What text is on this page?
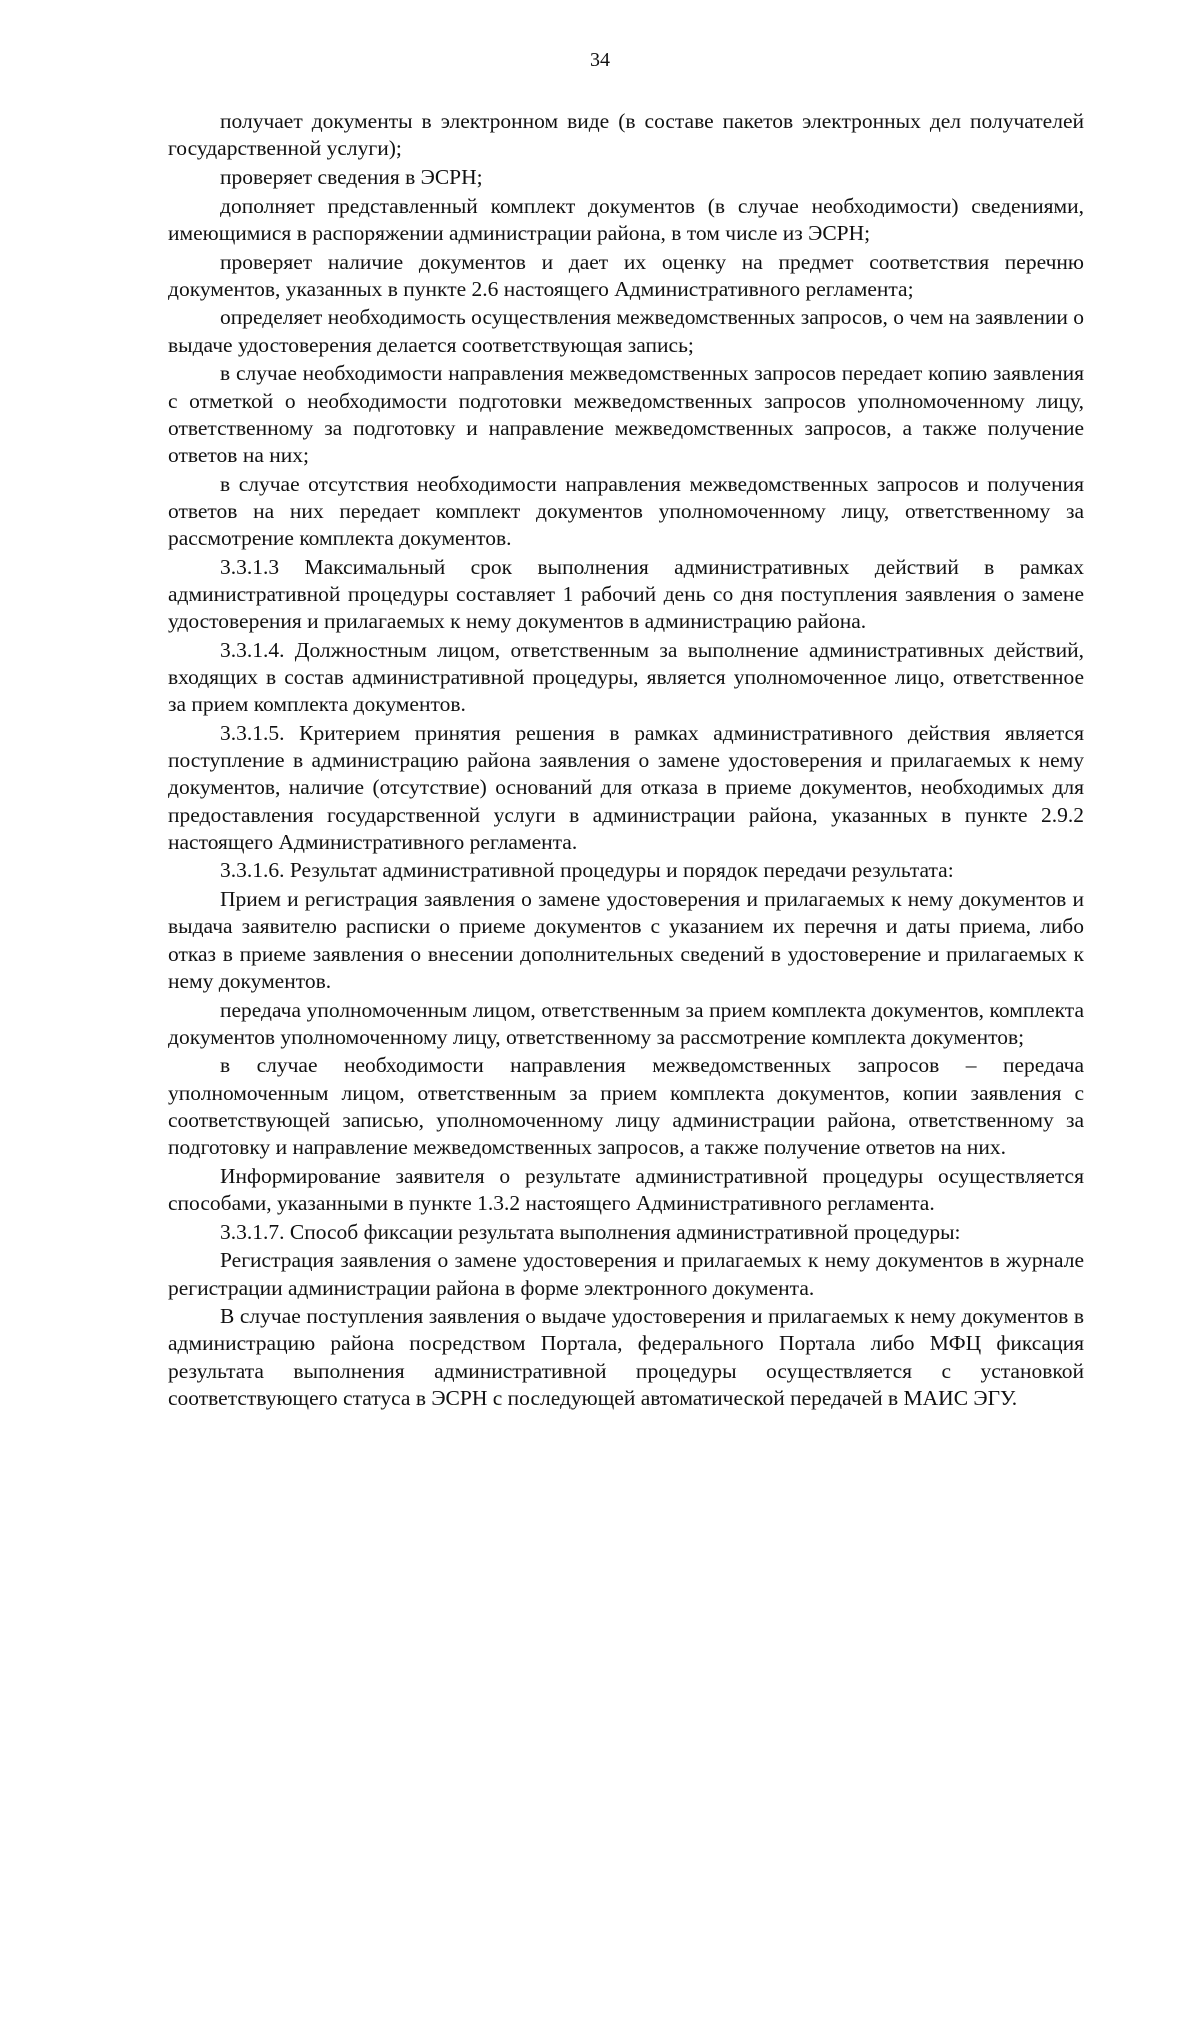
34

получает документы в электронном виде (в составе пакетов электронных дел получателей государственной услуги);

проверяет сведения в ЭСРН;

дополняет представленный комплект документов (в случае необходимости) сведениями, имеющимися в распоряжении администрации района, в том числе из ЭСРН;

проверяет наличие документов и дает их оценку на предмет соответствия перечню документов, указанных в пункте 2.6 настоящего Административного регламента;

определяет необходимость осуществления межведомственных запросов, о чем на заявлении о выдаче удостоверения делается соответствующая запись;

в случае необходимости направления межведомственных запросов передает копию заявления с отметкой о необходимости подготовки межведомственных запросов уполномоченному лицу, ответственному за подготовку и направление межведомственных запросов, а также получение ответов на них;

в случае отсутствия необходимости направления межведомственных запросов и получения ответов на них передает комплект документов уполномоченному лицу, ответственному за рассмотрение комплекта документов.

3.3.1.3 Максимальный срок выполнения административных действий в рамках административной процедуры составляет 1 рабочий день со дня поступления заявления о замене удостоверения и прилагаемых к нему документов в администрацию района.

3.3.1.4. Должностным лицом, ответственным за выполнение административных действий, входящих в состав административной процедуры, является уполномоченное лицо, ответственное за прием комплекта документов.

3.3.1.5. Критерием принятия решения в рамках административного действия является поступление в администрацию района заявления о замене удостоверения и прилагаемых к нему документов, наличие (отсутствие) оснований для отказа в приеме документов, необходимых для предоставления государственной услуги в администрации района, указанных в пункте 2.9.2 настоящего Административного регламента.

3.3.1.6. Результат административной процедуры и порядок передачи результата:

Прием и регистрация заявления о замене удостоверения и прилагаемых к нему документов и выдача заявителю расписки о приеме документов с указанием их перечня и даты приема, либо отказ в приеме заявления о внесении дополнительных сведений в удостоверение и прилагаемых к нему документов.

передача уполномоченным лицом, ответственным за прием комплекта документов, комплекта документов уполномоченному лицу, ответственному за рассмотрение комплекта документов;

в случае необходимости направления межведомственных запросов – передача уполномоченным лицом, ответственным за прием комплекта документов, копии заявления с соответствующей записью, уполномоченному лицу администрации района, ответственному за подготовку и направление межведомственных запросов, а также получение ответов на них.

Информирование заявителя о результате административной процедуры осуществляется способами, указанными в пункте 1.3.2 настоящего Административного регламента.

3.3.1.7. Способ фиксации результата выполнения административной процедуры:

Регистрация заявления о замене удостоверения и прилагаемых к нему документов в журнале регистрации администрации района в форме электронного документа.

В случае поступления заявления о выдаче удостоверения и прилагаемых к нему документов в администрацию района посредством Портала, федерального Портала либо МФЦ фиксация результата выполнения административной процедуры осуществляется с установкой соответствующего статуса в ЭСРН с последующей автоматической передачей в МАИС ЭГУ.
